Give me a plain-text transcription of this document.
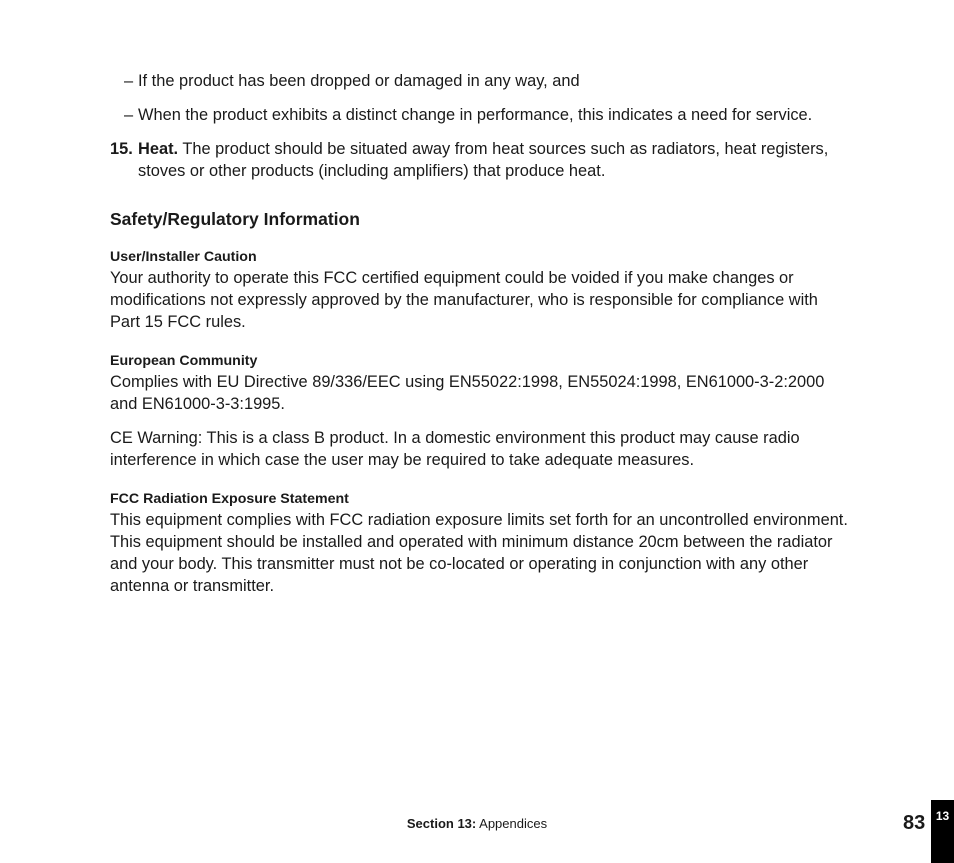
– If the product has been dropped or damaged in any way, and
– When the product exhibits a distinct change in performance, this indicates a need for service.
15. Heat. The product should be situated away from heat sources such as radiators, heat registers, stoves or other products (including amplifiers) that produce heat.
Safety/Regulatory Information
User/Installer Caution

Your authority to operate this FCC certified equipment could be voided if you make changes or modifications not expressly approved by the manufacturer, who is responsible for compliance with Part 15 FCC rules.

European Community

Complies with EU Directive 89/336/EEC using EN55022:1998, EN55024:1998, EN61000-3-2:2000 and EN61000-3-3:1995.

CE Warning: This is a class B product. In a domestic environment this product may cause radio interference in which case the user may be required to take adequate measures.

FCC Radiation Exposure Statement

This equipment complies with FCC radiation exposure limits set forth for an uncontrolled environment. This equipment should be installed and operated with minimum distance 20cm between the radiator and your body. This transmitter must not be co-located or operating in conjunction with any other antenna or transmitter.

Section 13: Appendices	83 13
